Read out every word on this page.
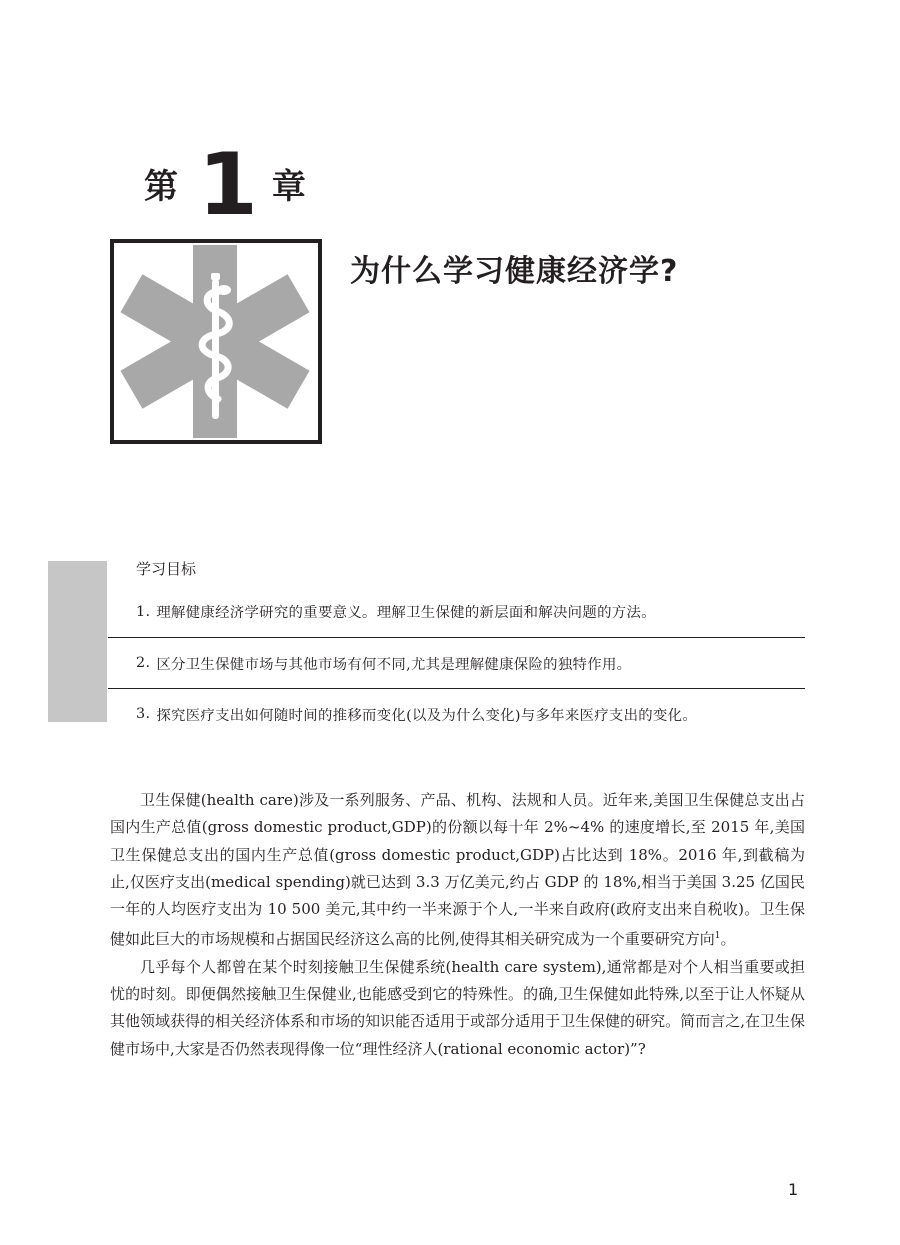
第 1 章
为什么学习健康经济学?
学习目标
1. 理解健康经济学研究的重要意义。理解卫生保健的新层面和解决问题的方法。
2. 区分卫生保健市场与其他市场有何不同,尤其是理解健康保险的独特作用。
3. 探究医疗支出如何随时间的推移而变化(以及为什么变化)与多年来医疗支出的变化。

卫生保健(health care)涉及一系列服务、产品、机构、法规和人员。近年来,美国卫生保健总支出占国内生产总值(gross domestic product,GDP)的份额以每十年 2%~4% 的速度增长,至 2015 年,美国卫生保健总支出的国内生产总值(gross domestic product,GDP)占比达到 18%。2016 年,到截稿为止,仅医疗支出(medical spending)就已达到 3.3 万亿美元,约占 GDP 的 18%,相当于美国 3.25 亿国民一年的人均医疗支出为 10 500 美元,其中约一半来源于个人,一半来自政府(政府支出来自税收)。卫生保健如此巨大的市场规模和占据国民经济这么高的比例,使得其相关研究成为一个重要研究方向$^1$。

几乎每个人都曾在某个时刻接触卫生保健系统(health care system),通常都是对个人相当重要或担忧的时刻。即便偶然接触卫生保健业,也能感受到它的特殊性。的确,卫生保健如此特殊,以至于让人怀疑从其他领域获得的相关经济体系和市场的知识能否适用于或部分适用于卫生保健的研究。简而言之,在卫生保健市场中,大家是否仍然表现得像一位“理性经济人(rational economic actor)”?

1
